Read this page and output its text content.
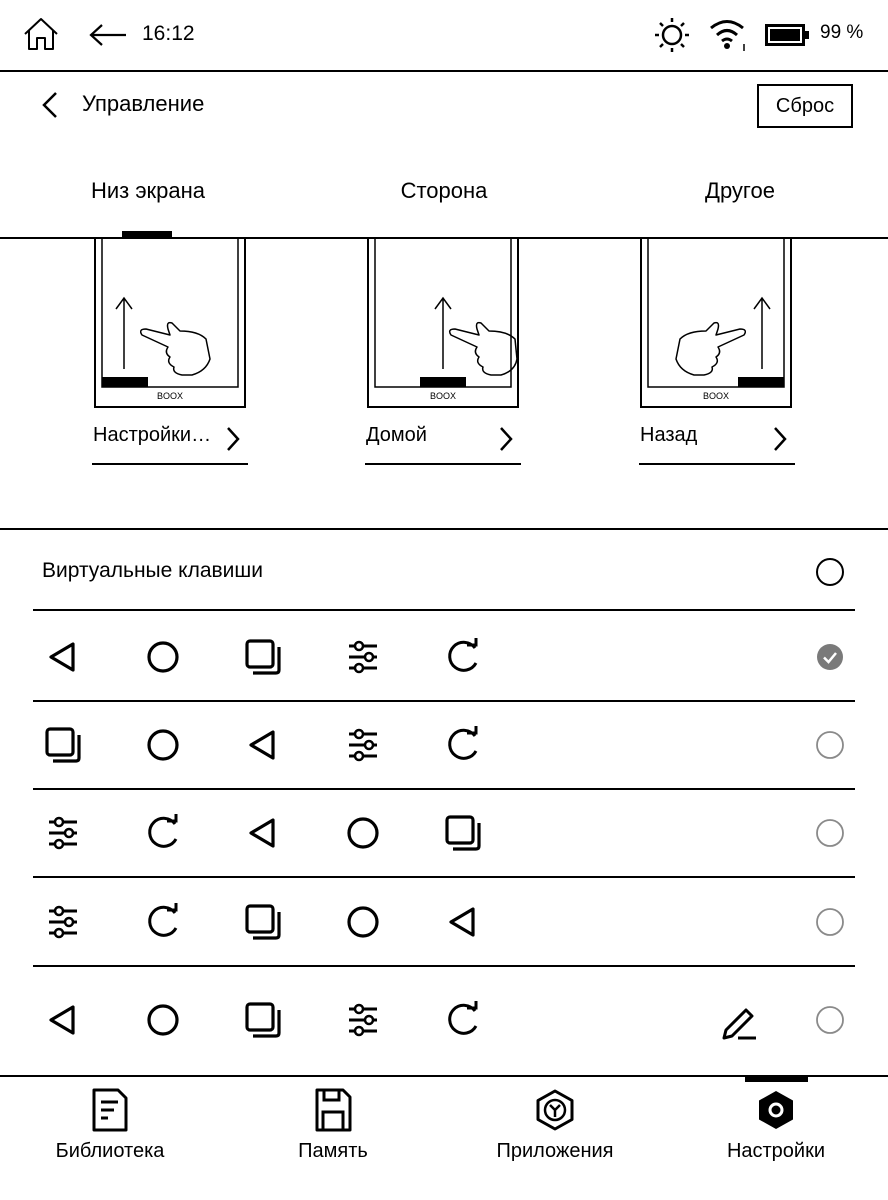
16:12	99 %
Управление	Сброс
Низ экрана	Сторона	Другое
BOOX
Настройки…
BOOX
Домой
BOOX
Назад
Виртуальные клавиши
Библиотека	Память	Приложения	Настройки
